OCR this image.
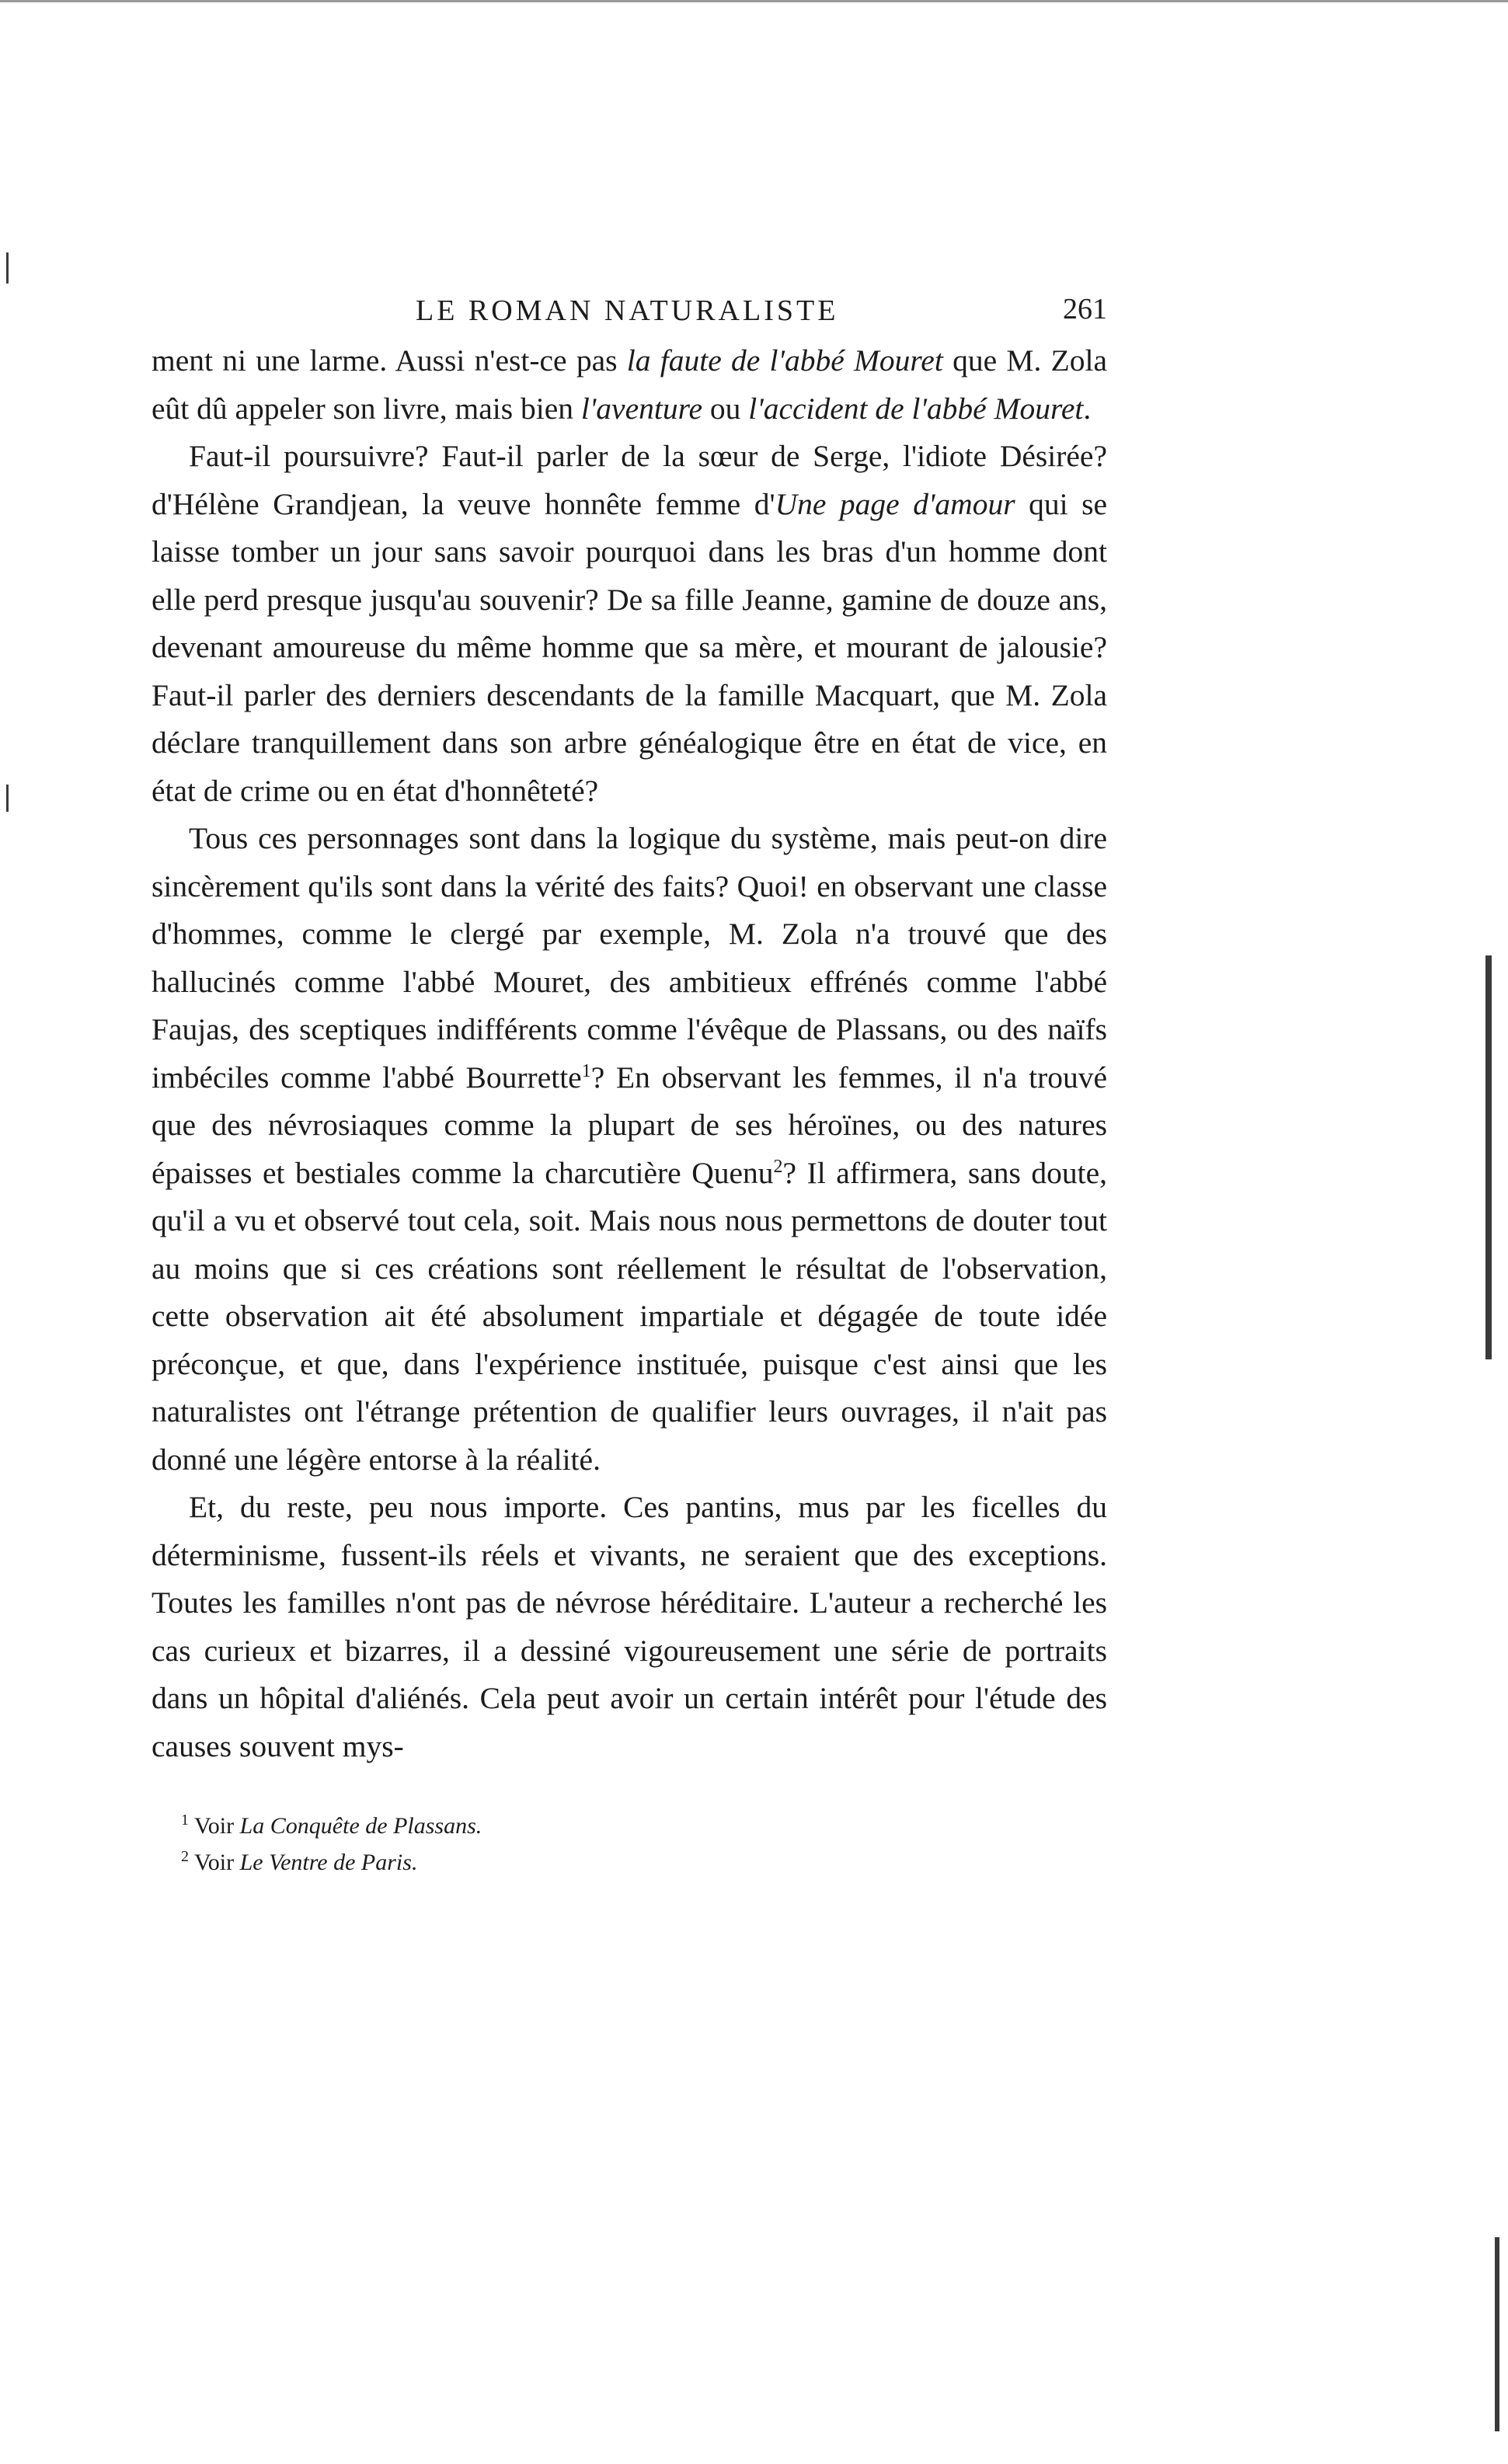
LE ROMAN NATURALISTE	261

ment ni une larme. Aussi n'est-ce pas la faute de l'abbé Mouret que M. Zola eût dû appeler son livre, mais bien l'aventure ou l'accident de l'abbé Mouret.

Faut-il poursuivre? Faut-il parler de la sœur de Serge, l'idiote Désirée? d'Hélène Grandjean, la veuve honnête femme d'Une page d'amour qui se laisse tomber un jour sans savoir pourquoi dans les bras d'un homme dont elle perd presque jusqu'au souvenir? De sa fille Jeanne, gamine de douze ans, devenant amoureuse du même homme que sa mère, et mourant de jalousie? Faut-il parler des derniers descendants de la famille Macquart, que M. Zola déclare tranquillement dans son arbre généalogique être en état de vice, en état de crime ou en état d'honnêteté?

Tous ces personnages sont dans la logique du système, mais peut-on dire sincèrement qu'ils sont dans la vérité des faits? Quoi! en observant une classe d'hommes, comme le clergé par exemple, M. Zola n'a trouvé que des hallucinés comme l'abbé Mouret, des ambitieux effrénés comme l'abbé Faujas, des sceptiques indifférents comme l'évêque de Plassans, ou des naïfs imbéciles comme l'abbé Bourrette$^1$? En observant les femmes, il n'a trouvé que des névrosiaques comme la plupart de ses héroïnes, ou des natures épaisses et bestiales comme la charcutière Quenu$^2$? Il affirmera, sans doute, qu'il a vu et observé tout cela, soit. Mais nous nous permettons de douter tout au moins que si ces créations sont réellement le résultat de l'observation, cette observation ait été absolument impartiale et dégagée de toute idée préconçue, et que, dans l'expérience instituée, puisque c'est ainsi que les naturalistes ont l'étrange prétention de qualifier leurs ouvrages, il n'ait pas donné une légère entorse à la réalité.

Et, du reste, peu nous importe. Ces pantins, mus par les ficelles du déterminisme, fussent-ils réels et vivants, ne seraient que des exceptions. Toutes les familles n'ont pas de névrose héréditaire. L'auteur a recherché les cas curieux et bizarres, il a dessiné vigoureusement une série de portraits dans un hôpital d'aliénés. Cela peut avoir un certain intérêt pour l'étude des causes souvent mys-

$^1$ Voir La Conquête de Plassans.
$^2$ Voir Le Ventre de Paris.
